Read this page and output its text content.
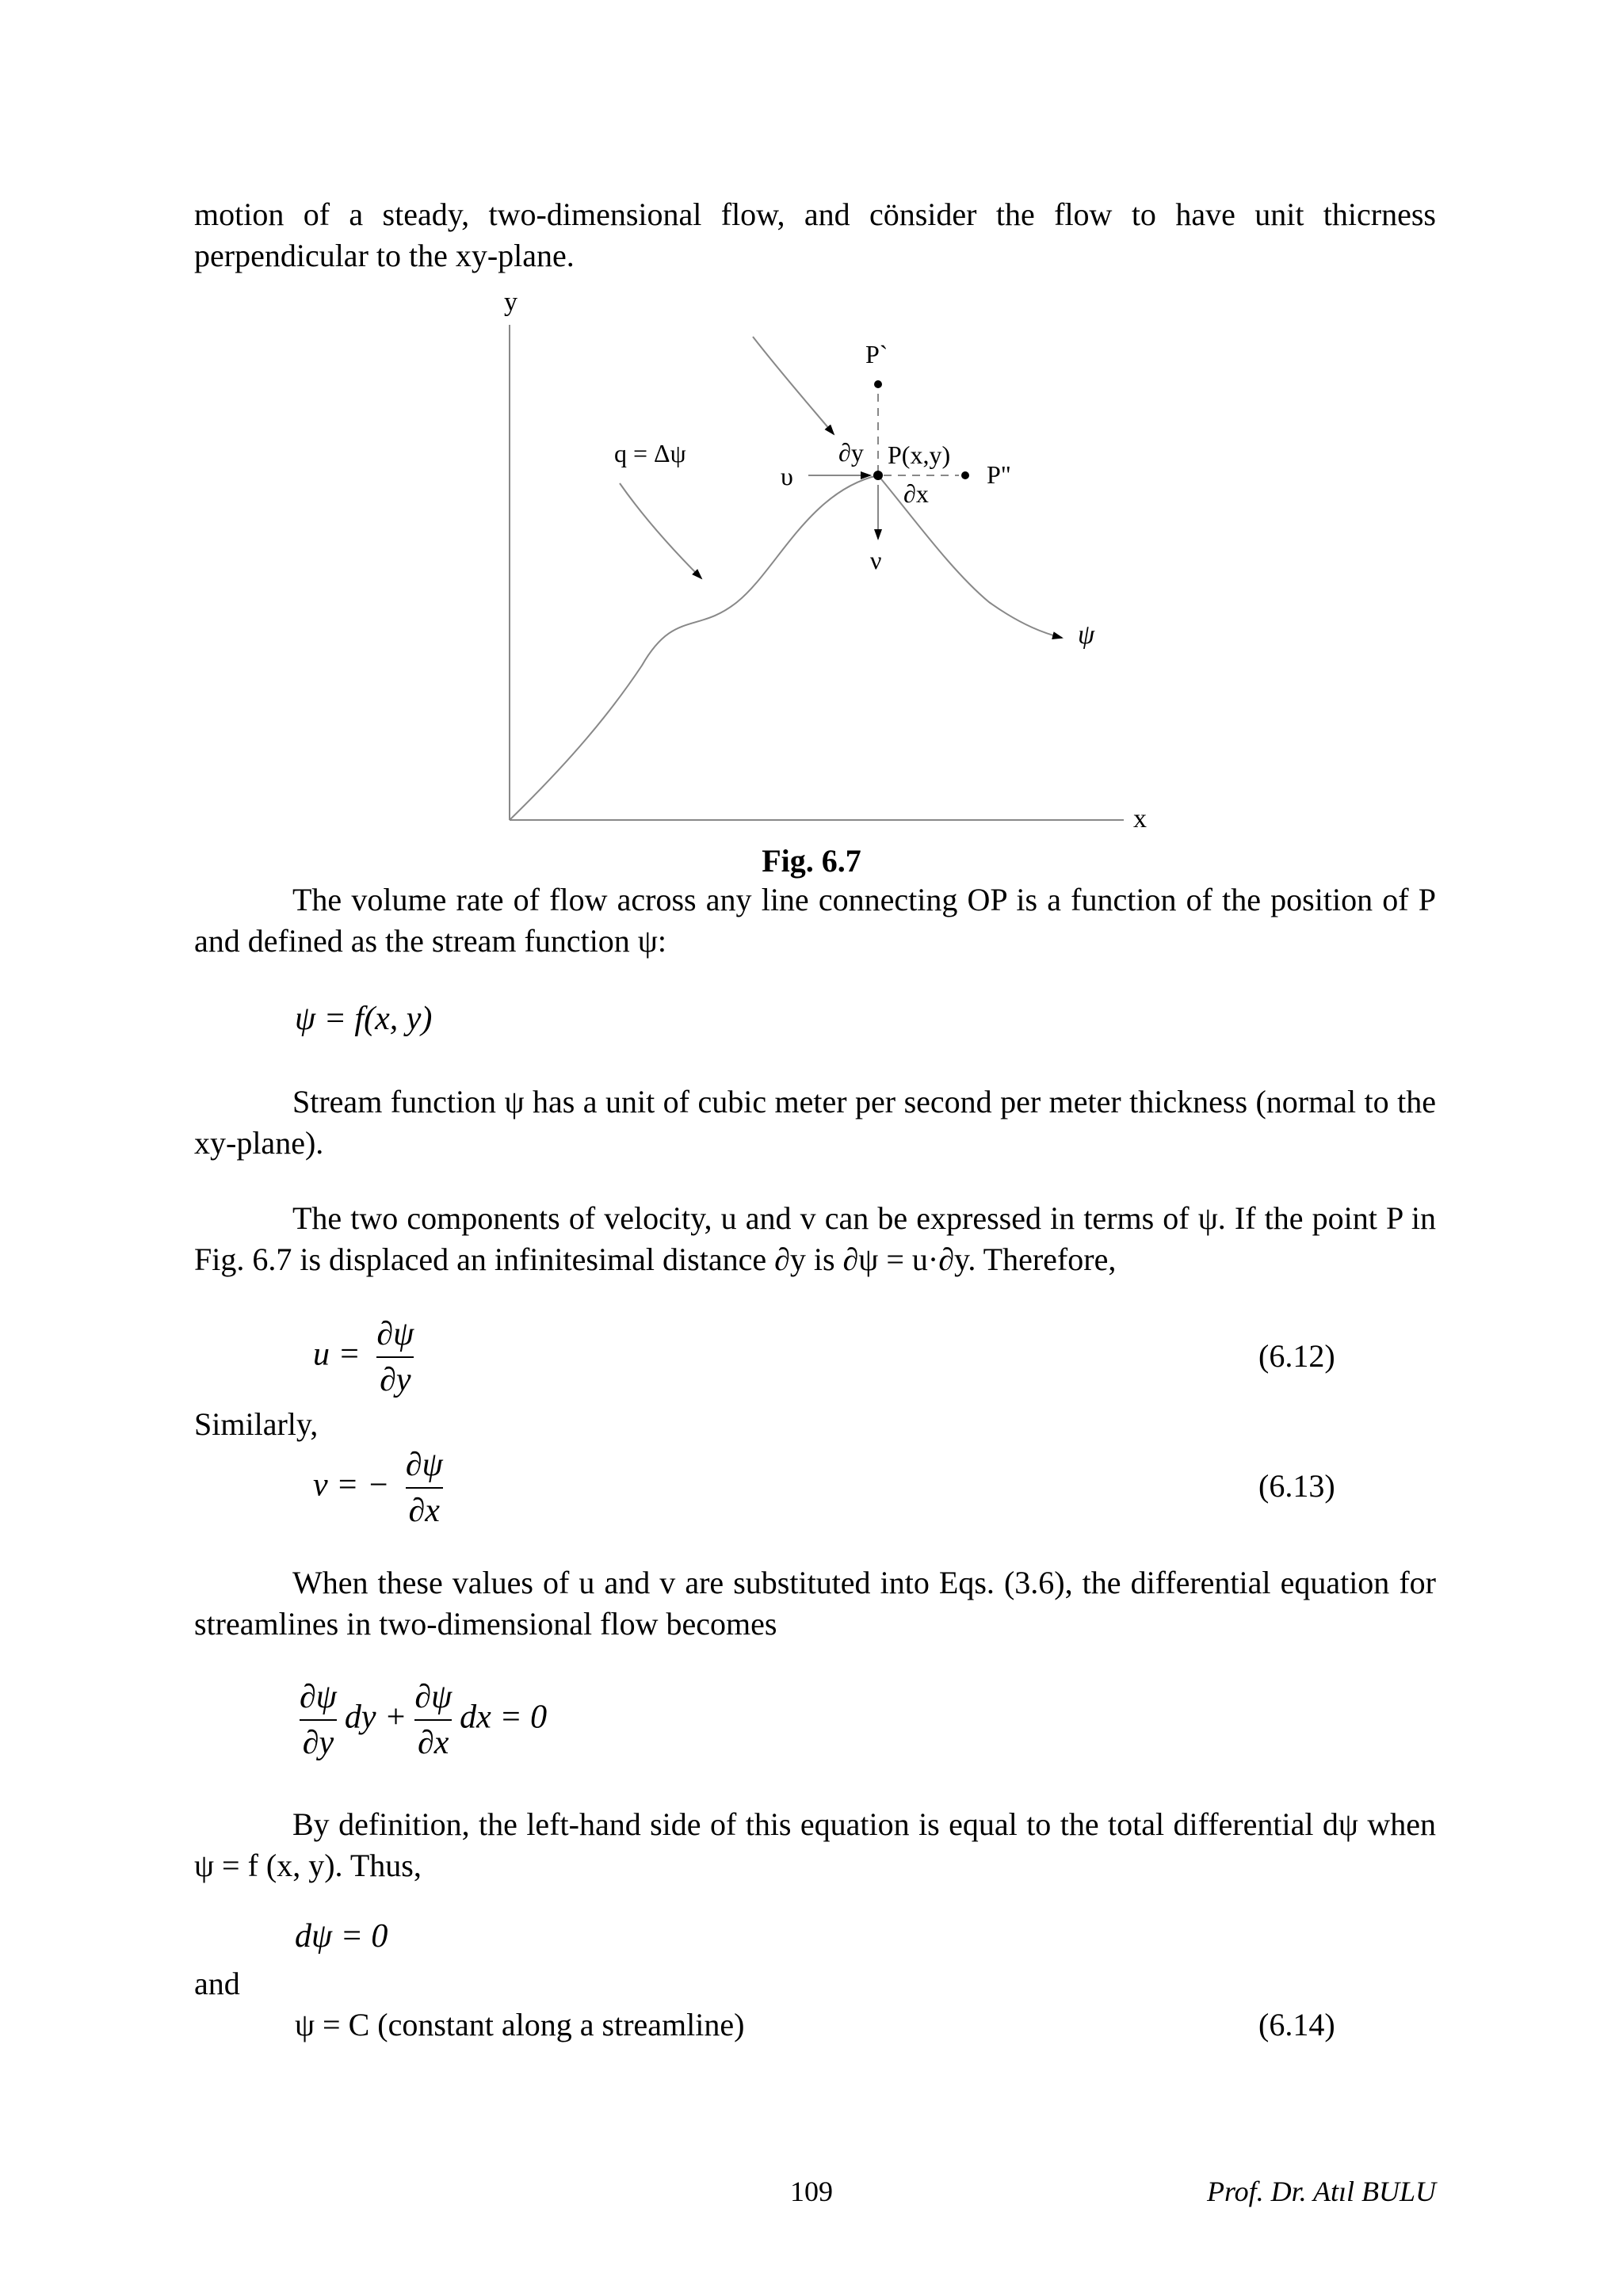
motion of a steady, two-dimensional flow, and cönsider the flow to have unit thicrness
perpendicular to the xy-plane.
y
x
P`
∂y P(x,y)
P"
∂x
υ
ν
q = Δψ
ψ
Fig. 6.7
The volume rate of flow across any line connecting OP is a function of the position of P and defined as the stream function ψ:
ψ = f(x, y)
Stream function ψ has a unit of cubic meter per second per meter thickness (normal to the xy-plane).
The two components of velocity, u and v can be expressed in terms of ψ. If the point P in Fig. 6.7 is displaced an infinitesimal distance ∂y is ∂ψ = u·∂y. Therefore,
$u = \frac{\partial\psi}{\partial y}$	(6.12)
Similarly,
v = − $\frac{\partial\psi}{\partial x}$	(6.13)
When these values of u and v are substituted into Eqs. (3.6), the differential equation for streamlines in two-dimensional flow becomes
$\frac{\partial\psi}{\partial y}$ dy + $\frac{\partial\psi}{\partial x}$ dx = 0
By definition, the left-hand side of this equation is equal to the total differential dψ when ψ = f (x, y). Thus,
dψ = 0
and
ψ = C (constant along a streamline)	(6.14)
109	Prof. Dr. Atıl BULU
